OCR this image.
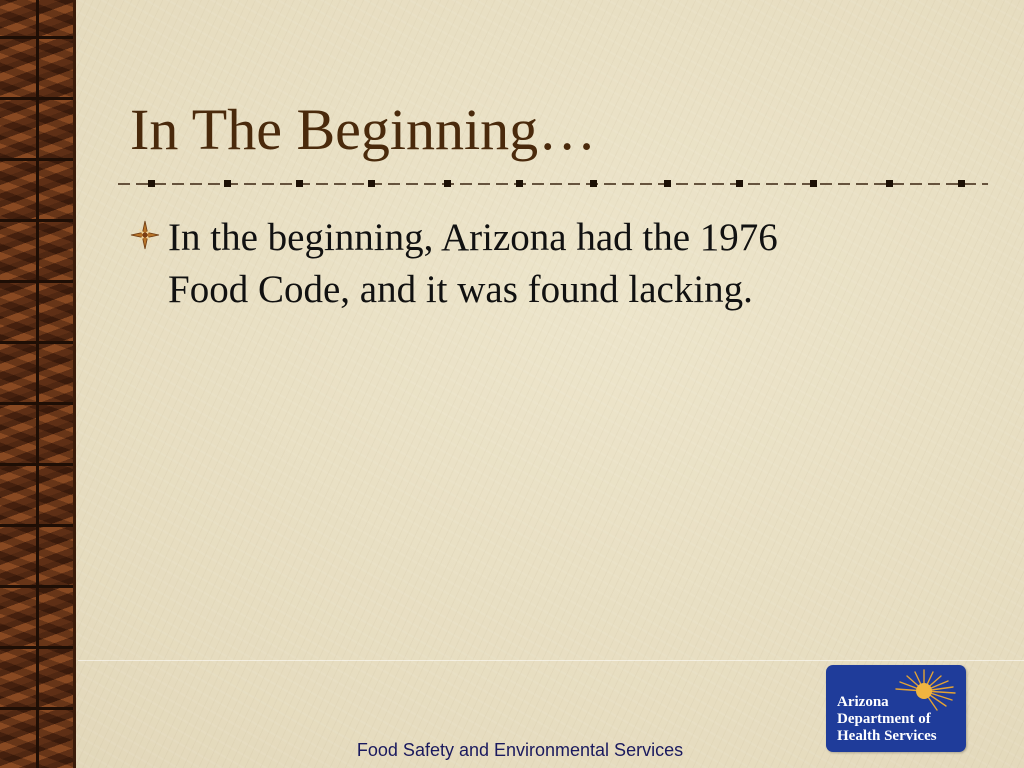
In The Beginning…
In the beginning, Arizona had the 1976
Food Code, and it was found lacking.
Food Safety and Environmental Services
Arizona
Department of
Health Services
